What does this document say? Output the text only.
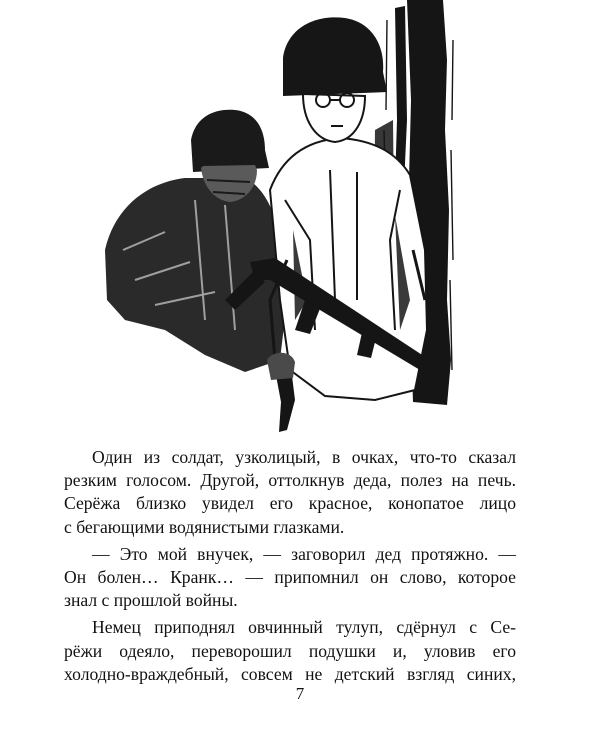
Один из солдат, узколицый, в очках, что-то сказал
резким голосом. Другой, оттолкнув деда, полез на печь.
Серёжа близко увидел его красное, конопатое лицо
с бегающими водянистыми глазками.

— Это мой внучек, — заговорил дед протяжно. —
Он болен… Кранк… — припомнил он слово, которое
знал с прошлой войны.

Немец приподнял овчинный тулуп, сдёрнул с Се-
рёжи одеяло, переворошил подушки и, уловив его
холодно-враждебный, совсем не детский взгляд синих,

7
